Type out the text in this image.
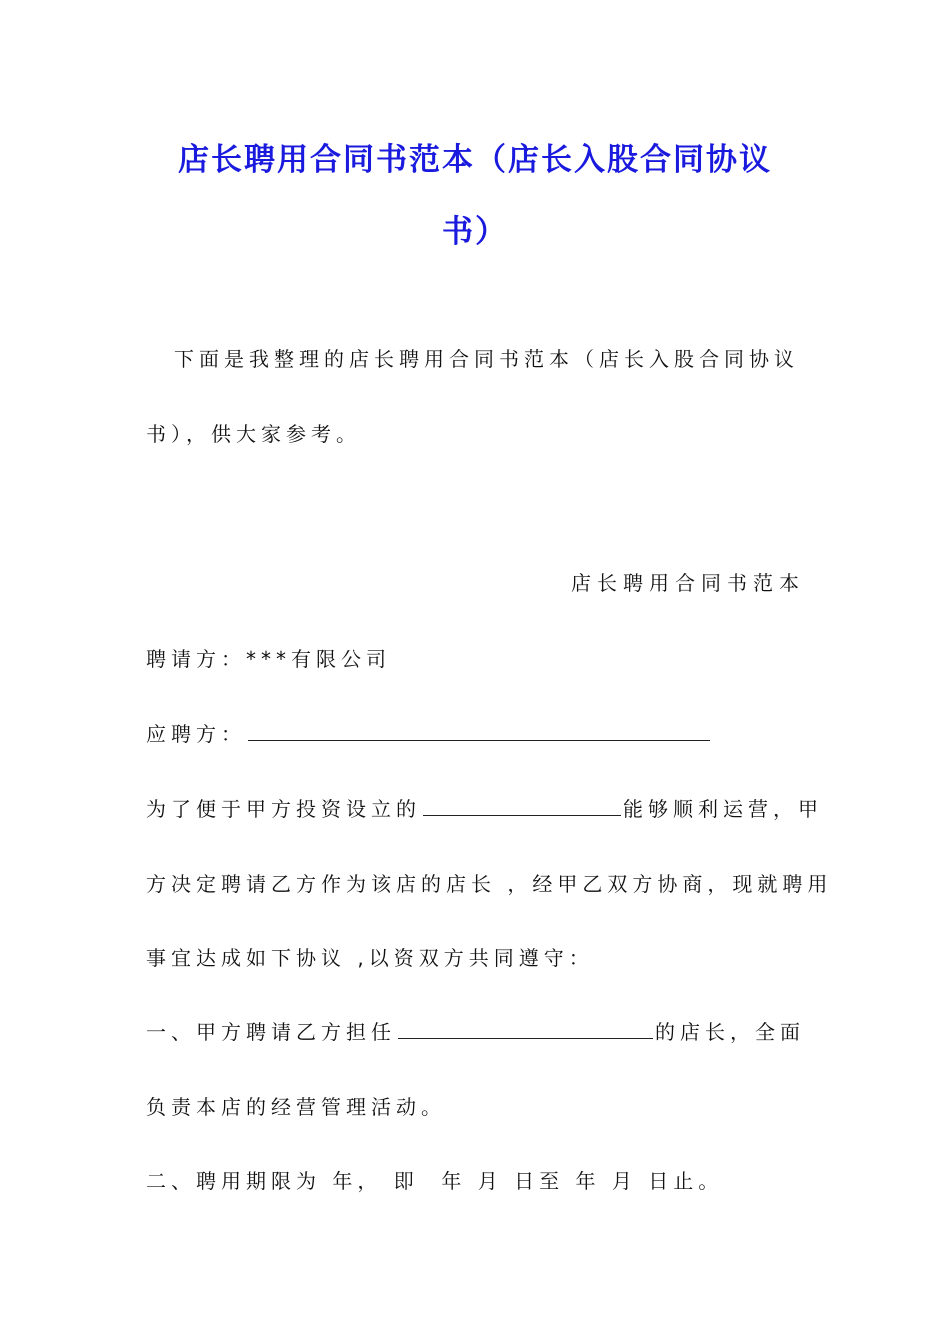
店长聘用合同书范本（店长入股合同协议
书）
下面是我整理的店长聘用合同书范本（店长入股合同协议
书），供大家参考。
店长聘用合同书范本
聘请方：***有限公司
应聘方：
为了便于甲方投资设立的	能够顺利运营，甲
方决定聘请乙方作为该店的店长 ，经甲乙双方协商，现就聘用
事宜达成如下协议 ,以资双方共同遵守：
一、甲方聘请乙方担任	的店长，全面
负责本店的经营管理活动。
二、聘用期限为 年， 即  年 月 日至 年 月 日止。
